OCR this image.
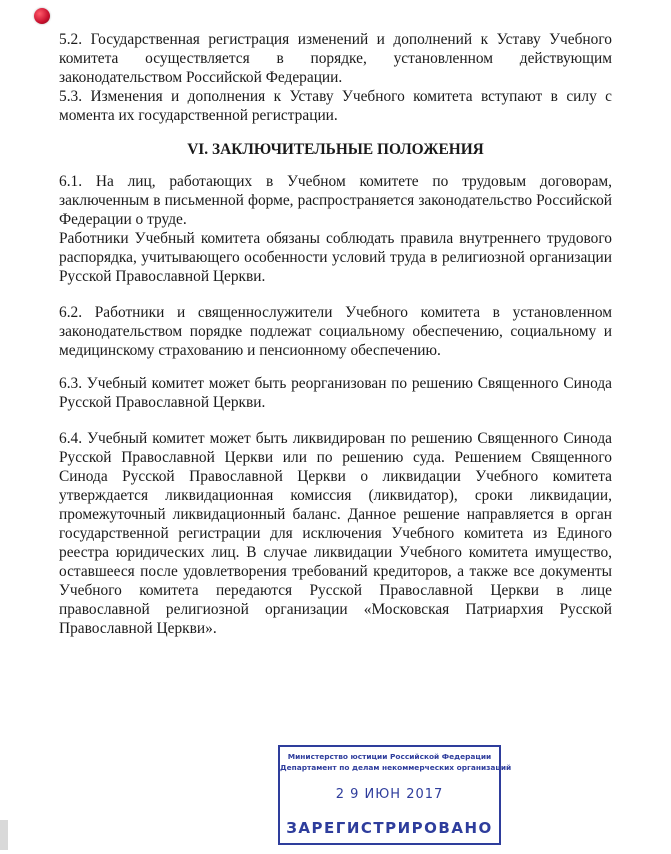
5.2. Государственная регистрация изменений и дополнений к Уставу Учебного комитета осуществляется в порядке, установленном действующим законодательством Российской Федерации.

5.3. Изменения и дополнения к Уставу Учебного комитета вступают в силу с момента их государственной регистрации.

VI. ЗАКЛЮЧИТЕЛЬНЫЕ ПОЛОЖЕНИЯ

6.1. На лиц, работающих в Учебном комитете по трудовым договорам, заключенным в письменной форме, распространяется законодательство Российской Федерации о труде.

Работники Учебный комитета обязаны соблюдать правила внутреннего трудового распорядка, учитывающего особенности условий труда в религиозной организации Русской Православной Церкви.

6.2. Работники и священнослужители Учебного комитета в установленном законодательством порядке подлежат социальному обеспечению, социальному и медицинскому страхованию и пенсионному обеспечению.

6.3. Учебный комитет может быть реорганизован по решению Священного Синода Русской Православной Церкви.

6.4. Учебный комитет может быть ликвидирован по решению Священного Синода Русской Православной Церкви или по решению суда. Решением Священного Синода Русской Православной Церкви о ликвидации Учебного комитета утверждается ликвидационная комиссия (ликвидатор), сроки ликвидации, промежуточный ликвидационный баланс. Данное решение направляется в орган государственной регистрации для исключения Учебного комитета из Единого реестра юридических лиц. В случае ликвидации Учебного комитета имущество, оставшееся после удовлетворения требований кредиторов, а также все документы Учебного комитета передаются Русской Православной Церкви в лице православной религиозной организации «Московская Патриархия Русской Православной Церкви».

Министерство юстиции Российской Федерации
Департамент по делам некоммерческих организаций
2 9 ИЮН 2017
ЗАРЕГИСТРИРОВАНО
